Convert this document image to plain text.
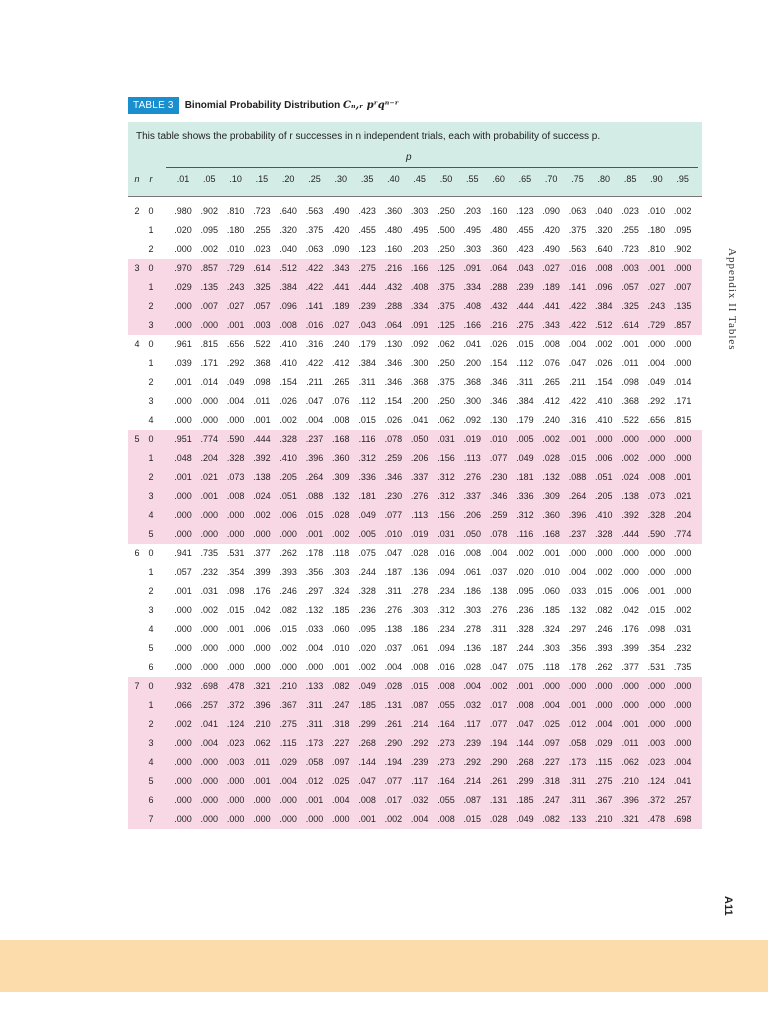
TABLE 3	Binomial Probability Distribution Cₙ,ᵣ pʳqⁿ⁻ʳ
This table shows the probability of r successes in n independent trials, each with probability of success p.
p
n	r	.01	.05	.10	.15	.20	.25	.30	.35	.40	.45	.50	.55	.60	.65	.70	.75	.80	.85	.90	.95
2 0	.980 .902 .810 .723 .640 .563 .490 .423 .360 .303 .250 .203 .160 .123 .090 .063 .040 .023 .010 .002
1	.020 .095 .180 .255 .320 .375 .420 .455 .480 .495 .500 .495 .480 .455 .420 .375 .320 .255 .180 .095
2	.000 .002 .010 .023 .040 .063 .090 .123 .160 .203 .250 .303 .360 .423 .490 .563 .640 .723 .810 .902
3 0	.970 .857 .729 .614 .512 .422 .343 .275 .216 .166 .125 .091 .064 .043 .027 .016 .008 .003 .001 .000
1	.029 .135 .243 .325 .384 .422 .441 .444 .432 .408 .375 .334 .288 .239 .189 .141 .096 .057 .027 .007
2	.000 .007 .027 .057 .096 .141 .189 .239 .288 .334 .375 .408 .432 .444 .441 .422 .384 .325 .243 .135
3	.000 .000 .001 .003 .008 .016 .027 .043 .064 .091 .125 .166 .216 .275 .343 .422 .512 .614 .729 .857
4 0	.961 .815 .656 .522 .410 .316 .240 .179 .130 .092 .062 .041 .026 .015 .008 .004 .002 .001 .000 .000
1	.039 .171 .292 .368 .410 .422 .412 .384 .346 .300 .250 .200 .154	.112	.076 .047 .026	.011	.004 .000
2	.001 .014 .049 .098 .154	.211	.265	.311	.346 .368 .375 .368 .346	.311	.265	.211	.154 .098 .049 .014
3	.000 .000 .004	.011	.026 .047 .076	.112	.154 .200 .250 .300 .346 .384 .412 .422 .410 .368 .292 .171
4	.000 .000 .000 .001 .002 .004 .008 .015 .026 .041 .062 .092 .130 .179 .240 .316 .410 .522 .656 .815
5 0	.951 .774 .590 .444 .328 .237 .168	.116	.078 .050 .031 .019 .010 .005 .002 .001 .000 .000 .000 .000
1	.048 .204 .328 .392 .410 .396 .360 .312 .259 .206 .156	.113	.077 .049 .028 .015 .006 .002 .000 .000
2	.001 .021 .073 .138 .205 .264 .309 .336 .346 .337 .312 .276 .230 .181 .132 .088 .051 .024 .008 .001
3	.000 .001 .008 .024 .051 .088 .132 .181 .230 .276 .312 .337 .346 .336 .309 .264 .205 .138 .073 .021
4	.000 .000 .000 .002 .006 .015 .028 .049 .077	.113	.156 .206 .259 .312 .360 .396 .410 .392 .328 .204
5	.000 .000 .000 .000 .000 .001 .002 .005 .010 .019 .031 .050 .078	.116	.168 .237 .328 .444 .590 .774
6 0	.941 .735 .531 .377 .262 .178	.118	.075 .047 .028 .016 .008 .004 .002 .001 .000 .000 .000 .000 .000
1	.057 .232 .354 .399 .393 .356 .303 .244 .187 .136 .094 .061 .037 .020 .010 .004 .002 .000 .000 .000
2	.001 .031 .098 .176 .246 .297 .324 .328	.311	.278 .234 .186 .138 .095 .060 .033 .015 .006 .001 .000
3	.000 .002 .015 .042 .082 .132 .185 .236 .276 .303 .312 .303 .276 .236 .185 .132 .082 .042 .015 .002
4	.000 .000 .001 .006 .015 .033 .060 .095 .138 .186 .234 .278	.311	.328 .324 .297 .246 .176 .098 .031
5	.000 .000 .000 .000 .002 .004 .010 .020 .037 .061 .094 .136 .187 .244 .303 .356 .393 .399 .354 .232
6	.000 .000 .000 .000 .000 .000 .001 .002 .004 .008 .016 .028 .047 .075	.118	.178 .262 .377 .531 .735
7 0	.932 .698 .478 .321 .210 .133 .082 .049 .028 .015 .008 .004 .002 .001 .000 .000 .000 .000 .000 .000
1	.066 .257 .372 .396 .367	.311	.247 .185 .131 .087 .055 .032 .017 .008 .004 .001 .000 .000 .000 .000
2	.002 .041 .124 .210 .275	.311	.318 .299 .261 .214 .164	.117	.077 .047 .025 .012 .004 .001 .000 .000
3	.000 .004 .023 .062	.115	.173 .227 .268 .290 .292 .273 .239 .194 .144 .097 .058 .029	.011	.003 .000
4	.000 .000 .003	.011	.029 .058 .097 .144 .194 .239 .273 .292 .290 .268 .227 .173	.115	.062 .023 .004
5	.000 .000 .000 .001 .004 .012 .025 .047 .077	.117	.164 .214 .261 .299 .318	.311	.275 .210 .124 .041
6	.000 .000 .000 .000 .000 .001 .004 .008 .017 .032 .055 .087 .131 .185 .247	.311	.367 .396 .372 .257
7	.000 .000 .000 .000 .000 .000 .000 .001 .002 .004 .008 .015 .028 .049 .082 .133 .210 .321 .478 .698
Appendix II Tables
A11
